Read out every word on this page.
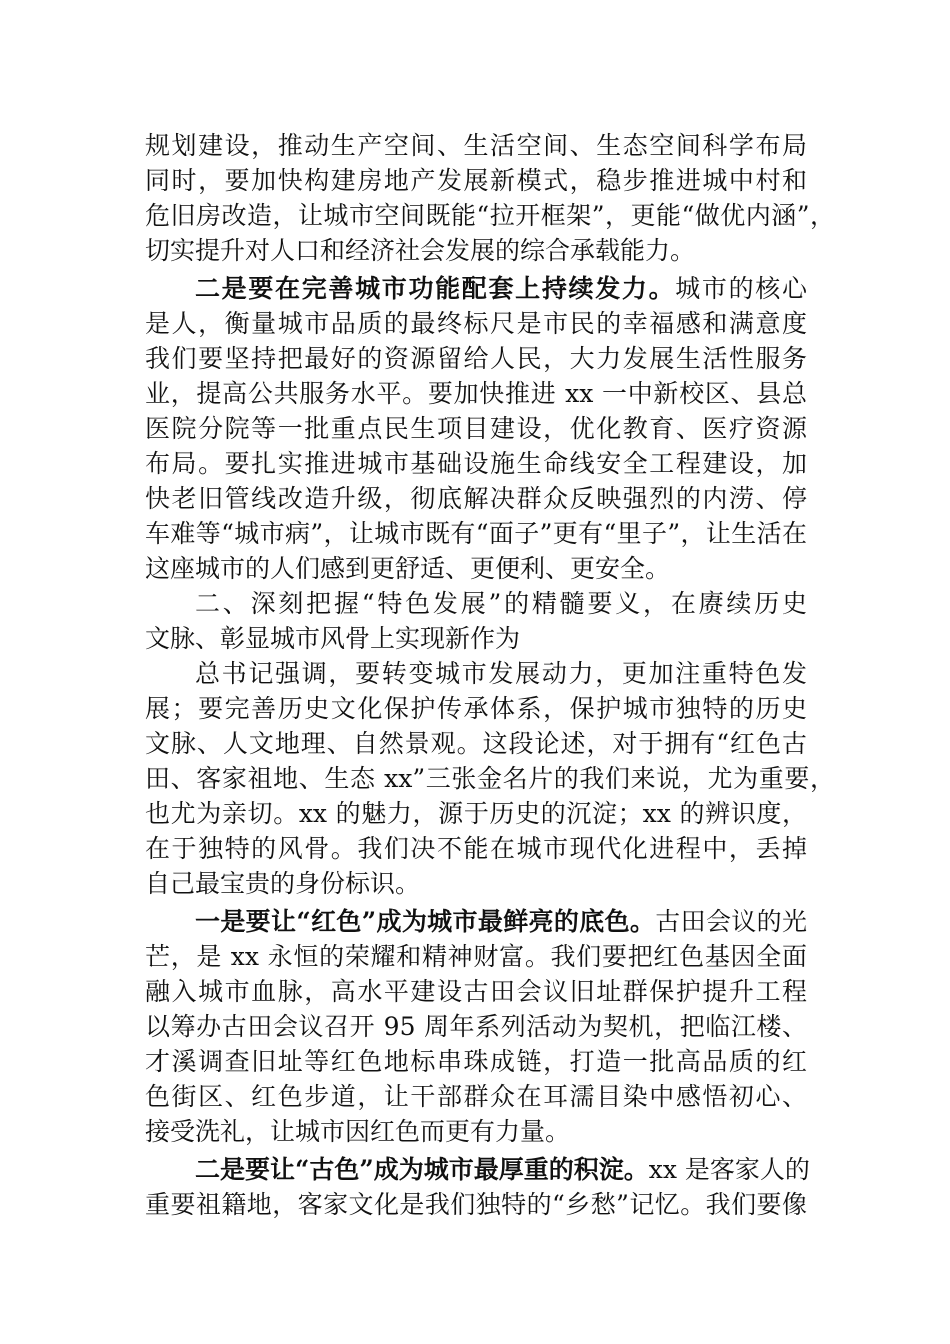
规划建设，推动生产空间、生活空间、生态空间科学布局
同时，要加快构建房地产发展新模式，稳步推进城中村和
危旧房改造，让城市空间既能“拉开框架”，更能“做优内涵”，
切实提升对人口和经济社会发展的综合承载能力。
二是要在完善城市功能配套上持续发力。城市的核心
是人，衡量城市品质的最终标尺是市民的幸福感和满意度
我们要坚持把最好的资源留给人民，大力发展生活性服务
业，提高公共服务水平。要加快推进 xx 一中新校区、县总
医院分院等一批重点民生项目建设，优化教育、医疗资源
布局。要扎实推进城市基础设施生命线安全工程建设，加
快老旧管线改造升级，彻底解决群众反映强烈的内涝、停
车难等“城市病”，让城市既有“面子”更有“里子”，让生活在
这座城市的人们感到更舒适、更便利、更安全。
二、深刻把握“特色发展”的精髓要义，在赓续历史
文脉、彰显城市风骨上实现新作为
总书记强调，要转变城市发展动力，更加注重特色发
展；要完善历史文化保护传承体系，保护城市独特的历史
文脉、人文地理、自然景观。这段论述，对于拥有“红色古
田、客家祖地、生态 xx”三张金名片的我们来说，尤为重要，
也尤为亲切。xx 的魅力，源于历史的沉淀；xx 的辨识度，
在于独特的风骨。我们决不能在城市现代化进程中，丢掉
自己最宝贵的身份标识。
一是要让“红色”成为城市最鲜亮的底色。古田会议的光
芒，是 xx 永恒的荣耀和精神财富。我们要把红色基因全面
融入城市血脉，高水平建设古田会议旧址群保护提升工程
以筹办古田会议召开 95 周年系列活动为契机，把临江楼、
才溪调查旧址等红色地标串珠成链，打造一批高品质的红
色街区、红色步道，让干部群众在耳濡目染中感悟初心、
接受洗礼，让城市因红色而更有力量。
二是要让“古色”成为城市最厚重的积淀。xx 是客家人的
重要祖籍地，客家文化是我们独特的“乡愁”记忆。我们要像
